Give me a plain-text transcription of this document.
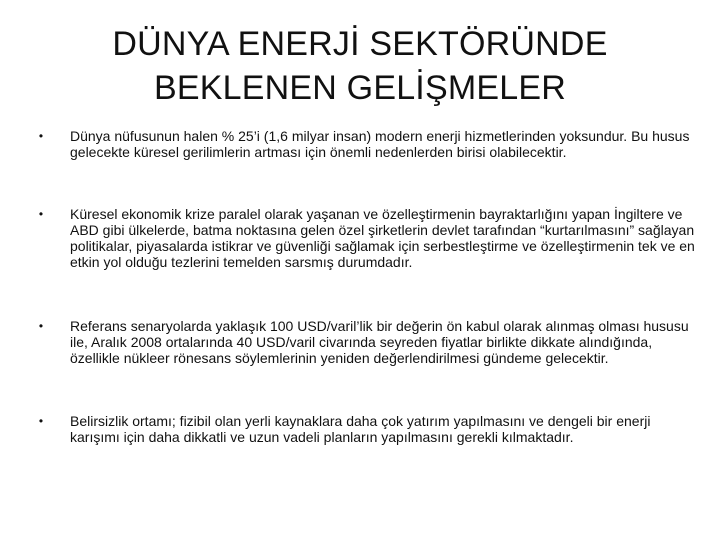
DÜNYA ENERJİ SEKTÖRÜNDE
BEKLENEN GELİŞMELER
• Dünya nüfusunun halen % 25’i (1,6 milyar insan) modern enerji hizmetlerinden yoksundur. Bu husus gelecekte küresel gerilimlerin artması için önemli nedenlerden birisi olabilecektir.
• Küresel ekonomik krize paralel olarak yaşanan ve özelleştirmenin bayraktarlığını yapan İngiltere ve ABD gibi ülkelerde, batma noktasına gelen özel şirketlerin devlet tarafından “kurtarılmasını” sağlayan politikalar, piyasalarda istikrar ve güvenliği sağlamak için serbestleştirme ve özelleştirmenin tek ve en etkin yol olduğu tezlerini temelden sarsmış durumdadır.
• Referans senaryolarda yaklaşık 100 USD/varil’lik bir değerin ön kabul olarak alınmaş olması hususu ile, Aralık 2008 ortalarında 40 USD/varil civarında seyreden fiyatlar birlikte dikkate alındığında, özellikle nükleer rönesans söylemlerinin yeniden değerlendirilmesi gündeme gelecektir.
• Belirsizlik ortamı; fizibil olan yerli kaynaklara daha çok yatırım yapılmasını ve dengeli bir enerji karışımı için daha dikkatli ve uzun vadeli planların yapılmasını gerekli kılmaktadır.
